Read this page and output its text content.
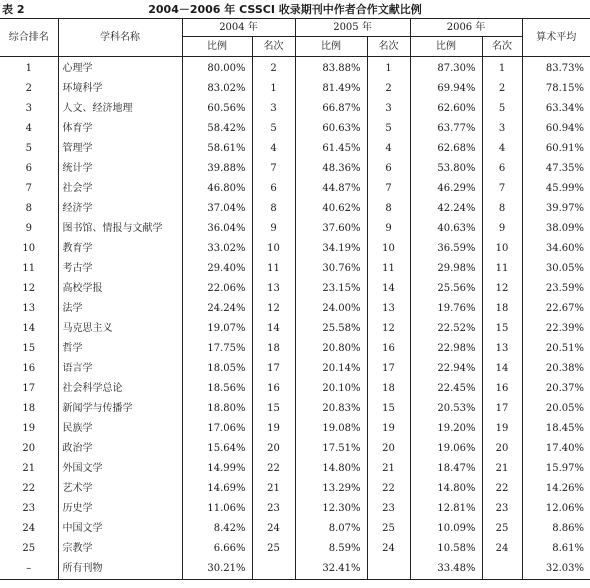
表 2	2004－2006 年 CSSCI 收录期刊中作者合作文献比例
综合排名	学科名称	2004 年		2005 年		2006 年		算术平均
		比例	名次	比例	名次	比例	名次	
1	心理学	80.00%	2	83.88%	1	87.30%	1	83.73%
2	环境科学	83.02%	1	81.49%	2	69.94%	2	78.15%
3	人文、经济地理	60.56%	3	66.87%	3	62.60%	5	63.34%
4	体育学	58.42%	5	60.63%	5	63.77%	3	60.94%
5	管理学	58.61%	4	61.45%	4	62.68%	4	60.91%
6	统计学	39.88%	7	48.36%	6	53.80%	6	47.35%
7	社会学	46.80%	6	44.87%	7	46.29%	7	45.99%
8	经济学	37.04%	8	40.62%	8	42.24%	8	39.97%
9	图书馆、情报与文献学	36.04%	9	37.60%	9	40.63%	9	38.09%
10	教育学	33.02%	10	34.19%	10	36.59%	10	34.60%
11	考古学	29.40%	11	30.76%	11	29.98%	11	30.05%
12	高校学报	22.06%	13	23.15%	14	25.56%	12	23.59%
13	法学	24.24%	12	24.00%	13	19.76%	18	22.67%
14	马克思主义	19.07%	14	25.58%	12	22.52%	15	22.39%
15	哲学	17.75%	18	20.80%	16	22.98%	13	20.51%
16	语言学	18.05%	17	20.14%	17	22.94%	14	20.38%
17	社会科学总论	18.56%	16	20.10%	18	22.45%	16	20.37%
18	新闻学与传播学	18.80%	15	20.83%	15	20.53%	17	20.05%
19	民族学	17.06%	19	19.08%	19	19.20%	19	18.45%
20	政治学	15.64%	20	17.51%	20	19.06%	20	17.40%
21	外国文学	14.99%	22	14.80%	21	18.47%	21	15.97%
22	艺术学	14.69%	21	13.29%	22	14.80%	22	14.26%
23	历史学	11.06%	23	12.30%	23	12.81%	23	12.06%
24	中国文学	8.42%	24	8.07%	25	10.09%	25	8.86%
25	宗教学	6.66%	25	8.59%	24	10.58%	24	8.61%
–	所有刊物	30.21%		32.41%		33.48%		32.03%
